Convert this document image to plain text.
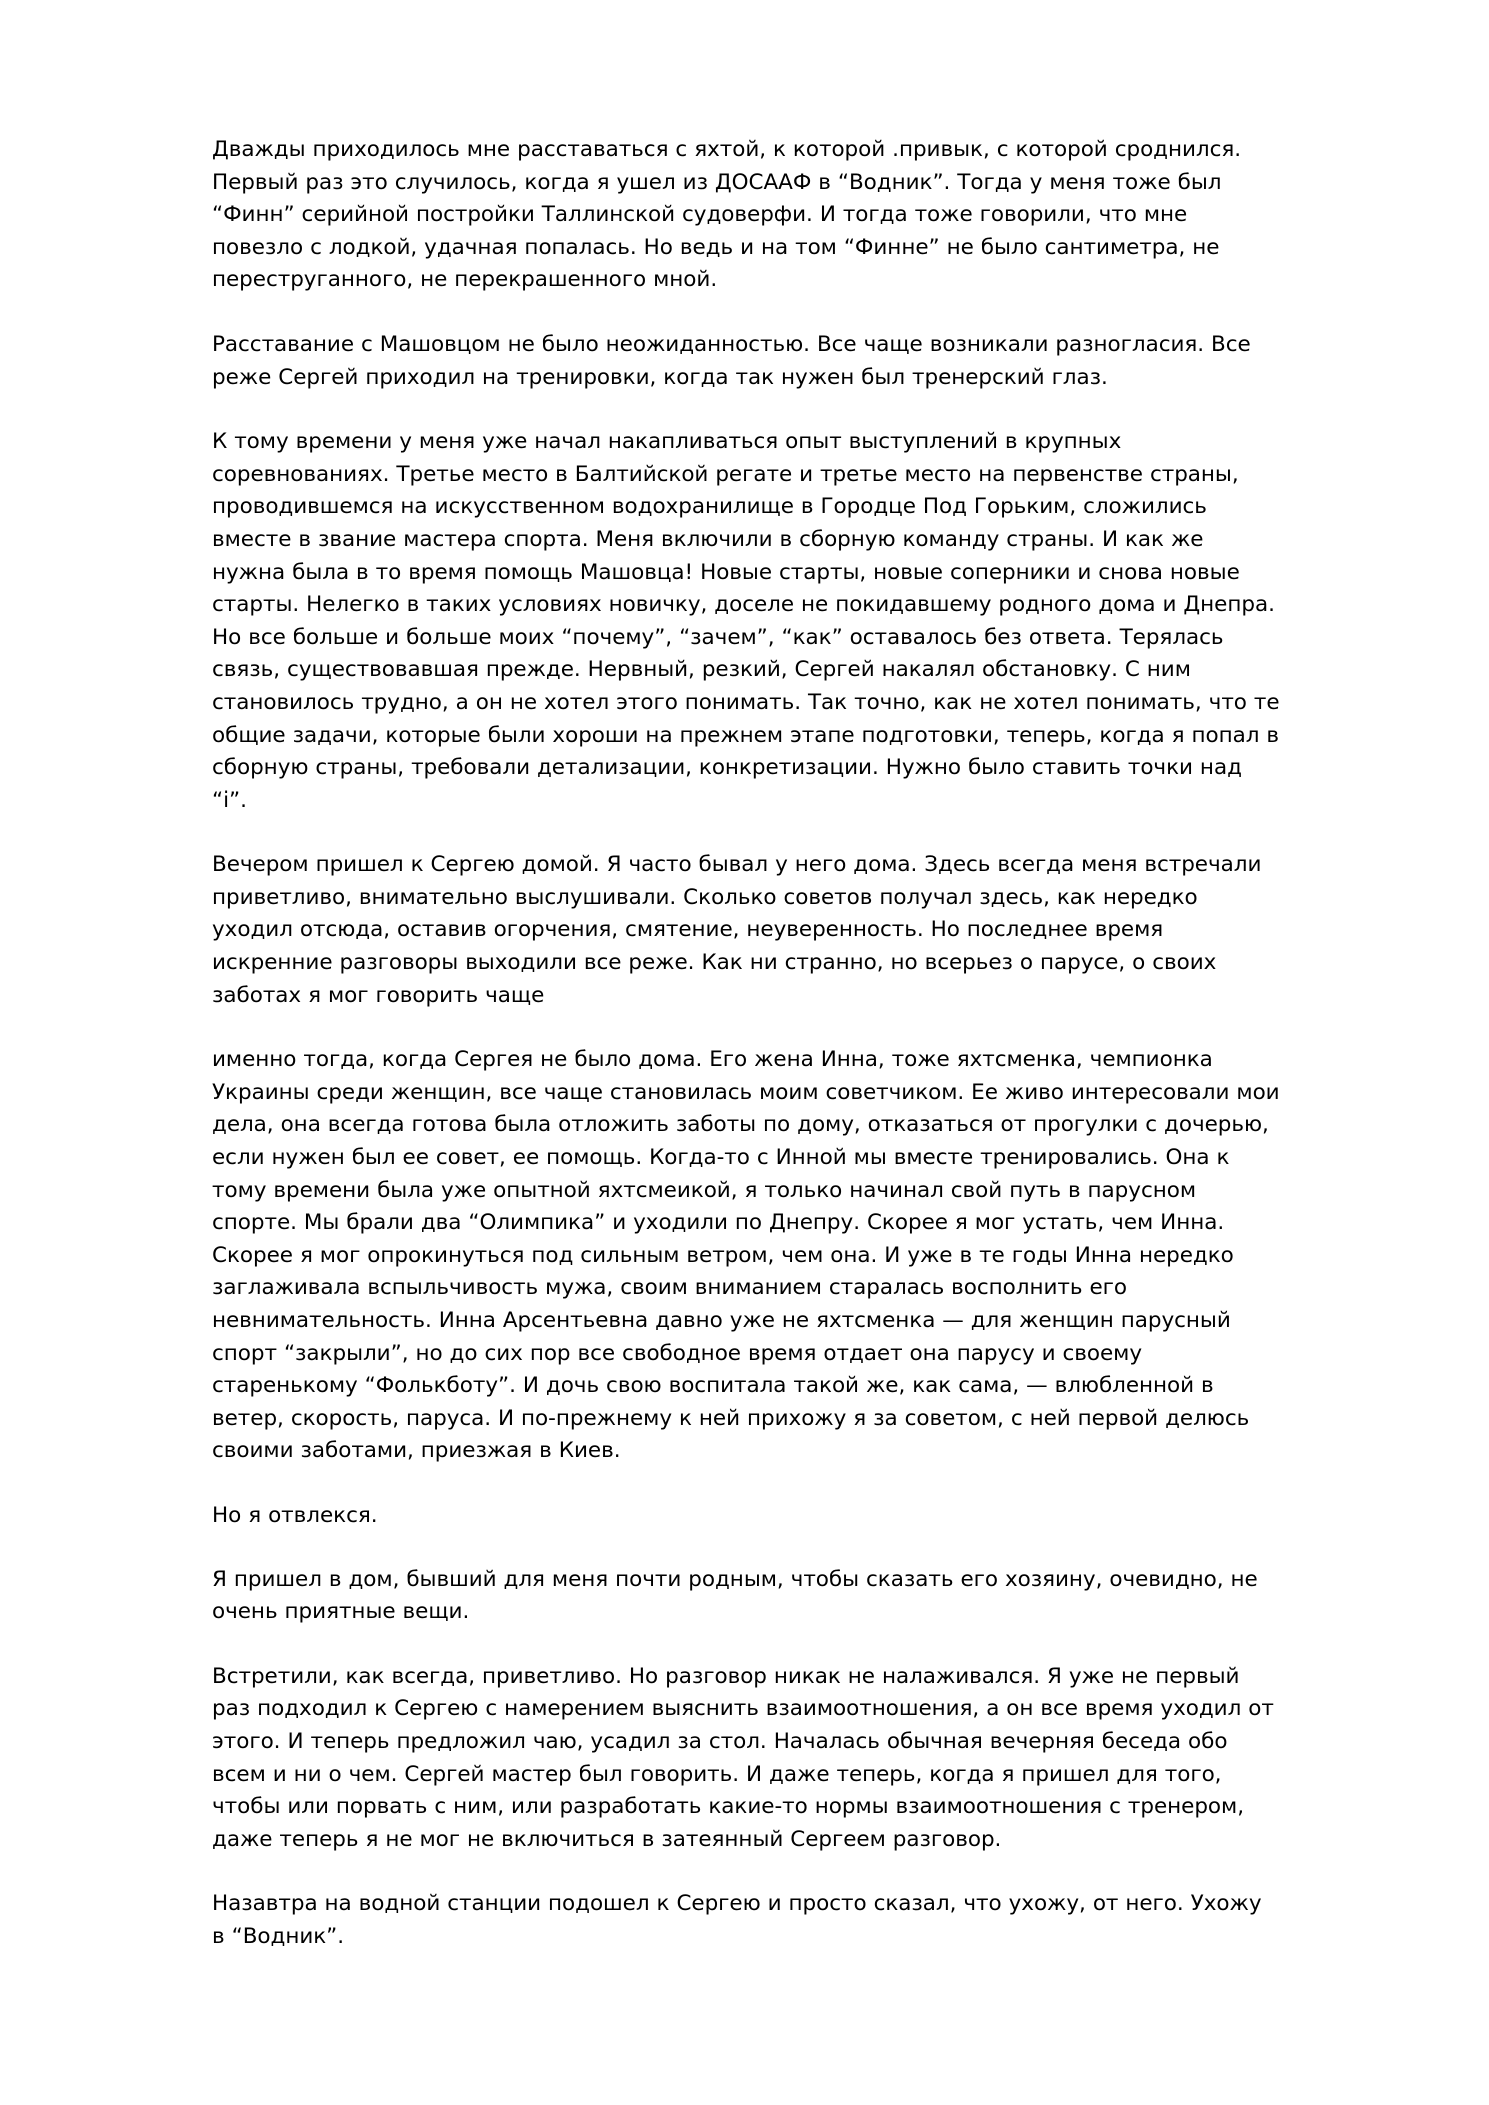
Дважды приходилось мне расставаться с яхтой, к которой .привык, с которой сроднился. Первый раз это случилось, когда я ушел из ДОСААФ в “Водник”. Тогда у меня тоже был “Финн” серийной постройки Таллинской судоверфи. И тогда тоже говорили, что мне повезло с лодкой, удачная попалась. Но ведь и на том “Финне” не было сантиметра, не переструганного, не перекрашенного мной.

Расставание с Машовцом не было неожиданностью. Все чаще возникали разногласия. Все реже Сергей приходил на тренировки, когда так нужен был тренерский глаз.

К тому времени у меня уже начал накапливаться опыт выступлений в крупных соревнованиях. Третье место в Балтийской регате и третье место на первенстве страны, проводившемся на искусственном водохранилище в Городце Под Горьким, сложились вместе в звание мастера спорта. Меня включили в сборную команду страны. И как же нужна была в то время помощь Машовца! Новые старты, новые соперники и снова новые старты. Нелегко в таких условиях новичку, доселе не покидавшему родного дома и Днепра. Но все больше и больше моих “почему”, “зачем”, “как” оставалось без ответа. Терялась связь, существовавшая прежде. Нервный, резкий, Сергей накалял обстановку. С ним становилось трудно, а он не хотел этого понимать. Так точно, как не хотел понимать, что те общие задачи, которые были хороши на прежнем этапе подготовки, теперь, когда я попал в сборную страны, требовали детализации, конкретизации. Нужно было ставить точки над “i”.

Вечером пришел к Сергею домой. Я часто бывал у него дома. Здесь всегда меня встречали приветливо, внимательно выслушивали. Сколько советов получал здесь, как нередко уходил отсюда, оставив огорчения, смятение, неуверенность. Но последнее время искренние разговоры выходили все реже. Как ни странно, но всерьез о парусе, о своих заботах я мог говорить чаще

именно тогда, когда Сергея не было дома. Его жена Инна, тоже яхтсменка, чемпионка Украины среди женщин, все чаще становилась моим советчиком. Ее живо интересовали мои дела, она всегда готова была отложить заботы по дому, отказаться от прогулки с дочерью, если нужен был ее совет, ее помощь. Когда-то с Инной мы вместе тренировались. Она к тому времени была уже опытной яхтсмеикой, я только начинал свой путь в парусном спорте. Мы брали два “Олимпика” и уходили по Днепру. Скорее я мог устать, чем Инна. Скорее я мог опрокинуться под сильным ветром, чем она. И уже в те годы Инна нередко заглаживала вспыльчивость мужа, своим вниманием старалась восполнить его невнимательность. Инна Арсентьевна давно уже не яхтсменка — для женщин парусный спорт “закрыли”, но до сих пор все свободное время отдает она парусу и своему старенькому “Фолькботу”. И дочь свою воспитала такой же, как сама, — влюбленной в ветер, скорость, паруса. И по-прежнему к ней прихожу я за советом, с ней первой делюсь своими заботами, приезжая в Киев.

Но я отвлекся.

Я пришел в дом, бывший для меня почти родным, чтобы сказать его хозяину, очевидно, не очень приятные вещи.

Встретили, как всегда, приветливо. Но разговор никак не налаживался. Я уже не первый раз подходил к Сергею с намерением выяснить взаимоотношения, а он все время уходил от этого. И теперь предложил чаю, усадил за стол. Началась обычная вечерняя беседа обо всем и ни о чем. Сергей мастер был говорить. И даже теперь, когда я пришел для того, чтобы или порвать с ним, или разработать какие-то нормы взаимоотношения с тренером, даже теперь я не мог не включиться в затеянный Сергеем разговор.

Назавтра на водной станции подошел к Сергею и просто сказал, что ухожу, от него. Ухожу в “Водник”.
